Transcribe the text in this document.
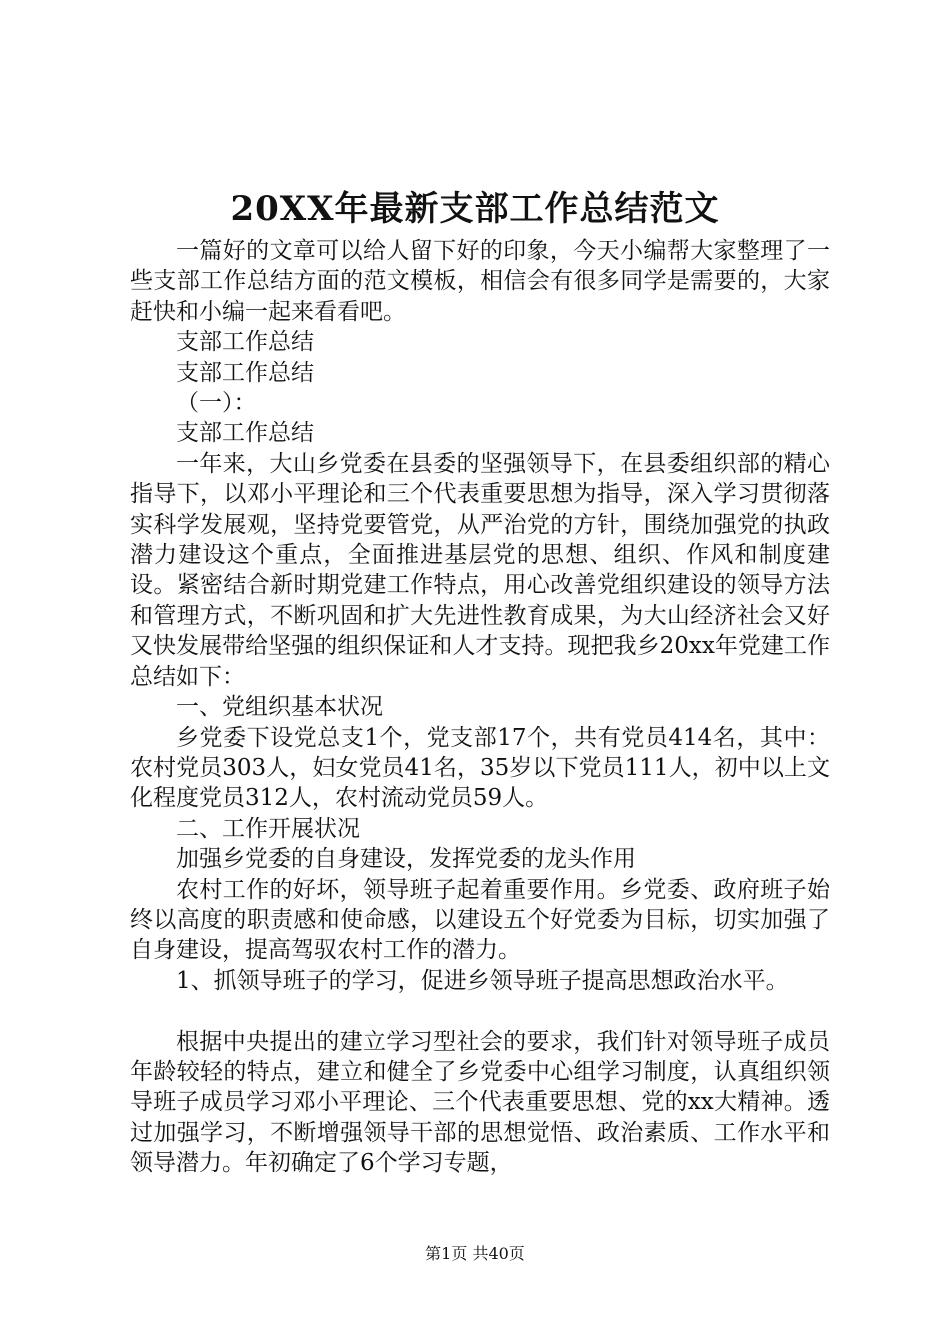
20XX年最新支部工作总结范文

一篇好的文章可以给人留下好的印象，今天小编帮大家整理了一些支部工作总结方面的范文模板，相信会有很多同学是需要的，大家赶快和小编一起来看看吧。

支部工作总结

支部工作总结

（一）：

支部工作总结

一年来，大山乡党委在县委的坚强领导下，在县委组织部的精心指导下，以邓小平理论和三个代表重要思想为指导，深入学习贯彻落实科学发展观，坚持党要管党，从严治党的方针，围绕加强党的执政潜力建设这个重点，全面推进基层党的思想、组织、作风和制度建设。紧密结合新时期党建工作特点，用心改善党组织建设的领导方法和管理方式，不断巩固和扩大先进性教育成果，为大山经济社会又好又快发展带给坚强的组织保证和人才支持。现把我乡20xx年党建工作总结如下：

一、党组织基本状况

乡党委下设党总支1个，党支部17个，共有党员414名，其中：农村党员303人，妇女党员41名，35岁以下党员111人，初中以上文化程度党员312人，农村流动党员59人。

二、工作开展状况

加强乡党委的自身建设，发挥党委的龙头作用

农村工作的好坏，领导班子起着重要作用。乡党委、政府班子始终以高度的职责感和使命感，以建设五个好党委为目标，切实加强了自身建设，提高驾驭农村工作的潜力。

1、抓领导班子的学习，促进乡领导班子提高思想政治水平。

根据中央提出的建立学习型社会的要求，我们针对领导班子成员年龄较轻的特点，建立和健全了乡党委中心组学习制度，认真组织领导班子成员学习邓小平理论、三个代表重要思想、党的xx大精神。透过加强学习，不断增强领导干部的思想觉悟、政治素质、工作水平和领导潜力。年初确定了6个学习专题，

第1页 共40页
